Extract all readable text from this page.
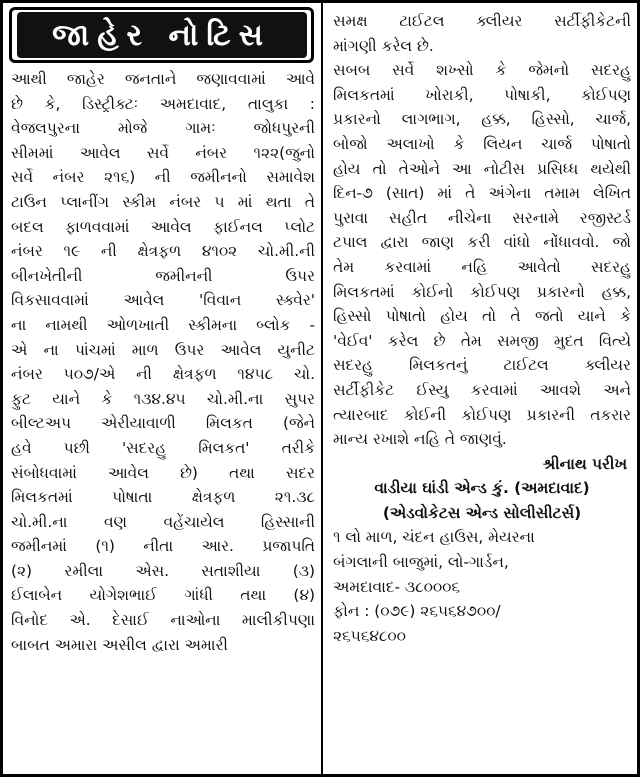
જાહેર નોટિસ
આથી જાહેર જનતાને જણાવવામાં આવે
છે કે, ડિસ્ટ્રીક્ટઃ અમદાવાદ, તાલુકા :
વેજલપુરના મોજે ગામઃ જોધપુરની
સીમમાં આવેલ સર્વે નંબર ૧૨૨(જુનો
સર્વે નંબર ૨૧૬) ની જમીનનો સમાવેશ
ટાઉન પ્લાનીંગ સ્કીમ નંબર ૫ માં થતા તે
બદલ ફાળવવામાં આવેલ ફાઈનલ પ્લોટ
નંબર ૧૯ ની ક્ષેત્રફળ ૪૧૦૨ ચો.મી.ની
બીનખેતીની જમીનની ઉપર
વિકસાવવામાં આવેલ 'વિવાન સ્ક્વેર'
ના નામથી ઓળખાતી સ્કીમના બ્લોક -
એ ના પાંચમાં માળ ઉપર આવેલ યુનીટ
નંબર ૫૦૭/એ ની ક્ષેત્રફળ ૧૪૫૮ ચો.
ફુટ યાને કે ૧૩૪.૪૫ ચો.મી.ના સુપર
બીલ્ટઅપ એરીયાવાળી મિલકત (જેને
હવે પછી 'સદરહુ મિલકત' તરીકે
સંબોધવામાં આવેલ છે) તથા સદર
મિલકતમાં પોષાતા ક્ષેત્રફળ ૨૧.૩૮
ચો.મી.ના વણ વહેંચાયેલ હિસ્સાની
જમીનમાં (૧) નીતા આર. પ્રજાપતિ
(૨) રમીલા એસ. સતાશીયા (૩)
ઈલાબેન યોગેશભાઈ ગાંધી તથા (૪)
વિનોદ એ. દેસાઈ નાઓના માલીકીપણા
બાબત અમારા અસીલ દ્વારા અમારી
સમક્ષ ટાઈટલ ક્લીયર સર્ટીફીકેટની
માંગણી કરેલ છે.
સબબ સર્વે શખ્સો કે જેમનો સદરહુ
મિલકતમાં ખોરાકી, પોષાકી, કોઈપણ
પ્રકારનો લાગભાગ, હક્ક, હિસ્સો, ચાર્જ,
બોજો અલાખો કે લિયન ચાર્જ પોષાતો
હોય તો તેઓને આ નોટીસ પ્રસિધ્ધ થયેથી
દિન-૭ (સાત) માં તે અંગેના તમામ લેખિત
પુરાવા સહીત નીચેના સરનામે રજીસ્ટર્ડ
ટપાલ દ્વારા જાણ કરી વાંધો નોંધાવવો. જો
તેમ કરવામાં નહિ આવેતો સદરહુ
મિલકતમાં કોઈનો કોઈપણ પ્રકારનો હક્ક,
હિસ્સો પોષાતો હોય તો તે જતો યાને કે
'વેઈવ' કરેલ છે તેમ સમજી મુદત વિત્યે
સદરહુ મિલકતનું ટાઈટલ ક્લીયર
સર્ટીફીકેટ ઈસ્યુ કરવામાં આવશે અને
ત્યારબાદ કોઈની કોઈપણ પ્રકારની તકરાર
માન્ય રખાશે નહિ તે જાણવું.
શ્રીનાથ પરીખ
વાડીયા ઘાંડી એન્ડ કું. (અમદાવાદ)
(એડવોકેટસ એન્ડ સોલીસીટર્સ)
૧ લો માળ, ચંદન હાઉસ, મેયરના
બંગલાની બાજુમાં, લો-ગાર્ડન,
અમદાવાદ- ૩૮૦૦૦૬
ફોન : (૦૭૯) ૨૬૫૬૪૭૦૦/
૨૬૫૬૪૮૦૦
